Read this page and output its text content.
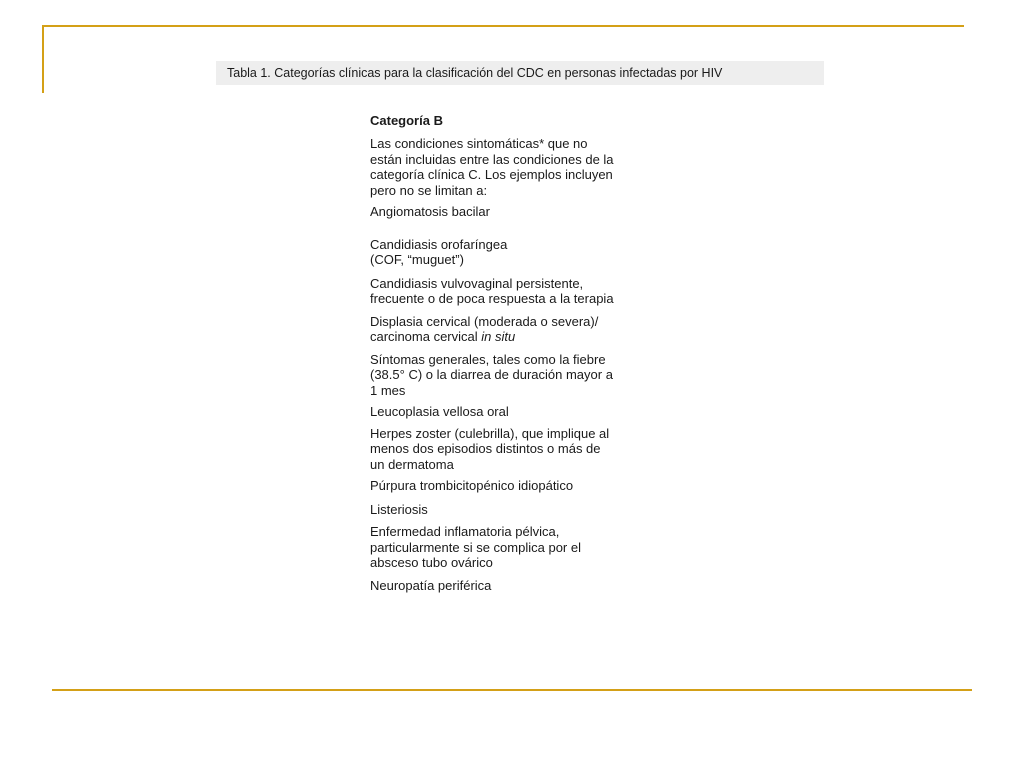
Tabla 1. Categorías clínicas para la clasificación del CDC en personas infectadas por HIV

Categoría B

Las condiciones sintomáticas* que no
están incluidas entre las condiciones de la
categoría clínica C. Los ejemplos incluyen
pero no se limitan a:

Angiomatosis bacilar

Candidiasis orofaríngea
(COF, “muguet”)

Candidiasis vulvovaginal persistente,
frecuente o de poca respuesta a la terapia

Displasia cervical (moderada o severa)/
carcinoma cervical in situ

Síntomas generales, tales como la fiebre
(38.5° C) o la diarrea de duración mayor a
1 mes

Leucoplasia vellosa oral

Herpes zoster (culebrilla), que implique al
menos dos episodios distintos o más de
un dermatoma

Púrpura trombicitopénico idiopático

Listeriosis

Enfermedad inflamatoria pélvica,
particularmente si se complica por el
absceso tubo ovárico

Neuropatía periférica
